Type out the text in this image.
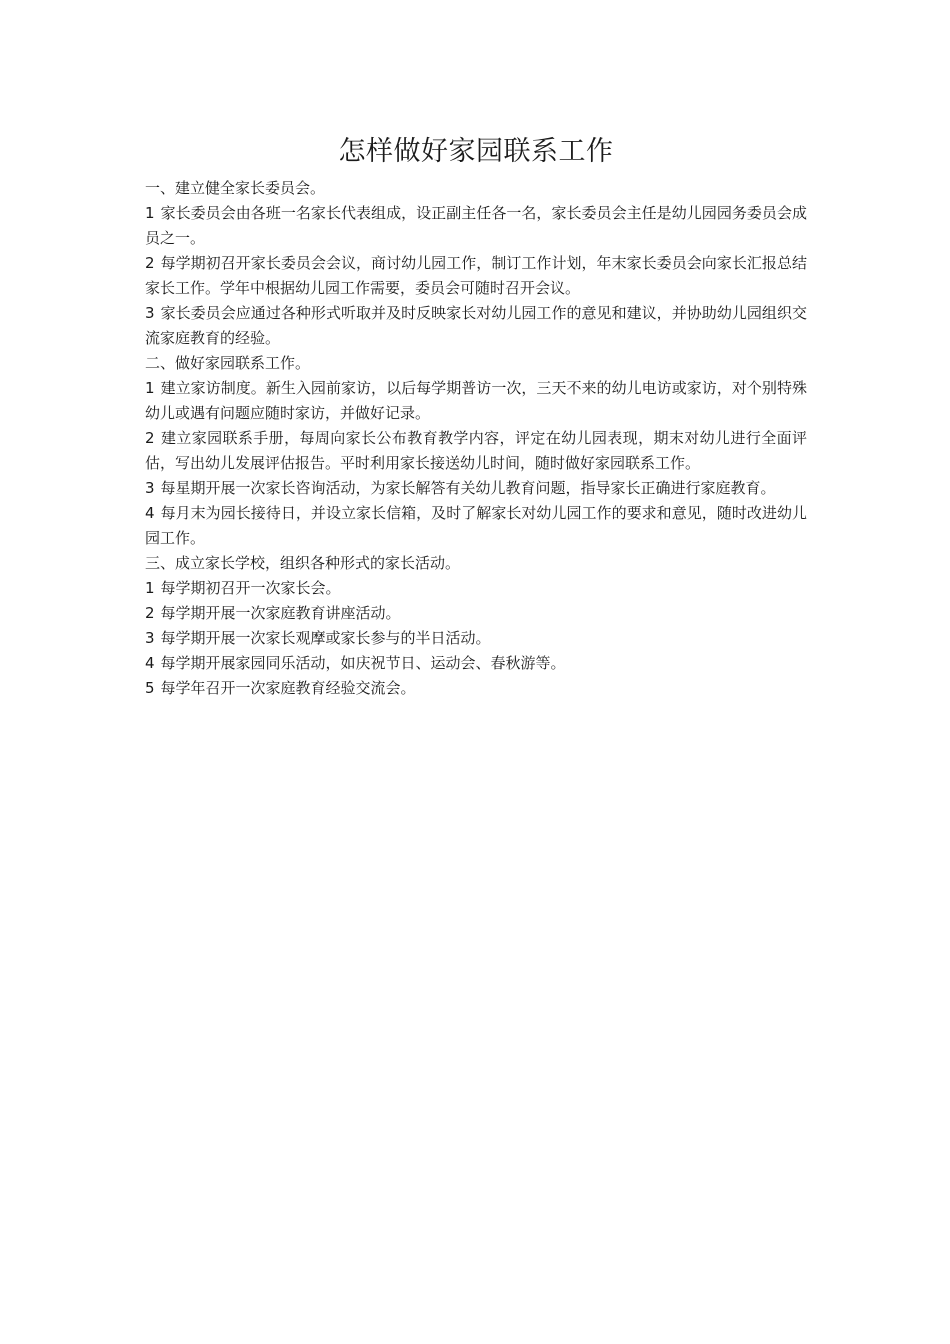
怎样做好家园联系工作

一、建立健全家长委员会。

1 家长委员会由各班一名家长代表组成，设正副主任各一名，家长委员会主任是幼儿园园务委员会成员之一。

2 每学期初召开家长委员会会议，商讨幼儿园工作，制订工作计划，年末家长委员会向家长汇报总结家长工作。学年中根据幼儿园工作需要，委员会可随时召开会议。

3 家长委员会应通过各种形式听取并及时反映家长对幼儿园工作的意见和建议，并协助幼儿园组织交流家庭教育的经验。

二、做好家园联系工作。

1 建立家访制度。新生入园前家访，以后每学期普访一次，三天不来的幼儿电访或家访，对个别特殊幼儿或遇有问题应随时家访，并做好记录。

2 建立家园联系手册，每周向家长公布教育教学内容，评定在幼儿园表现，期末对幼儿进行全面评估，写出幼儿发展评估报告。平时利用家长接送幼儿时间，随时做好家园联系工作。

3 每星期开展一次家长咨询活动，为家长解答有关幼儿教育问题，指导家长正确进行家庭教育。

4 每月末为园长接待日，并设立家长信箱，及时了解家长对幼儿园工作的要求和意见，随时改进幼儿园工作。

三、成立家长学校，组织各种形式的家长活动。

1 每学期初召开一次家长会。

2 每学期开展一次家庭教育讲座活动。

3 每学期开展一次家长观摩或家长参与的半日活动。

4 每学期开展家园同乐活动，如庆祝节日、运动会、春秋游等。

5 每学年召开一次家庭教育经验交流会。
